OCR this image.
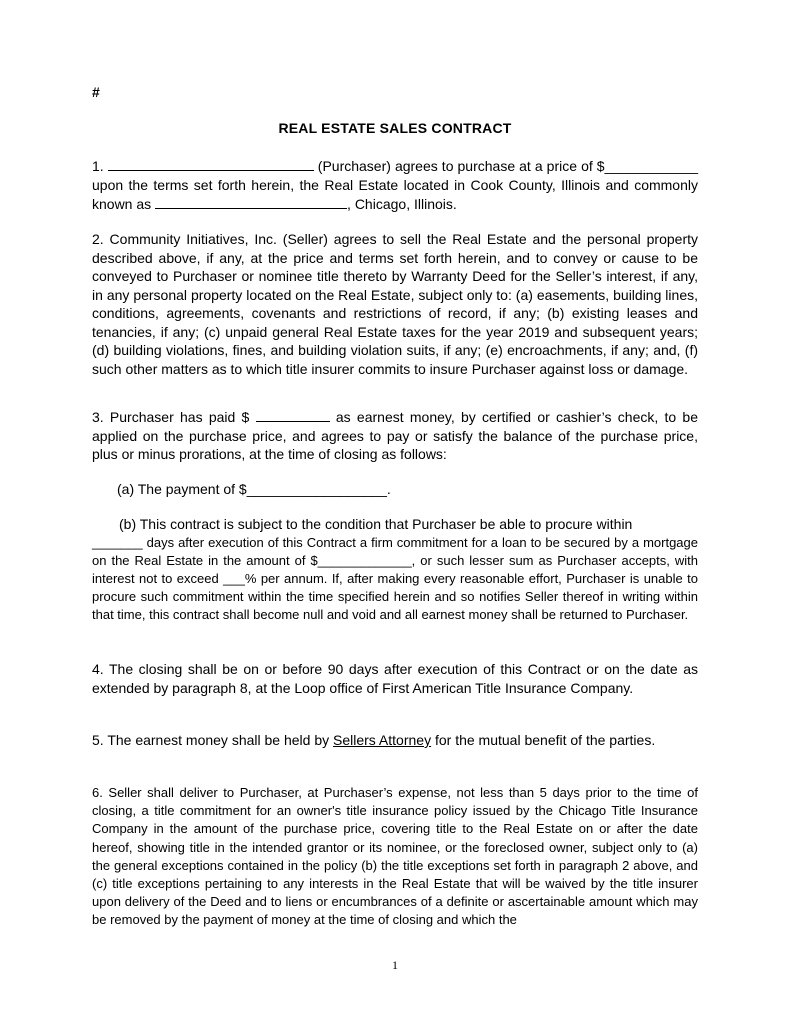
#
REAL ESTATE SALES CONTRACT
1.	(Purchaser) agrees to purchase at a price of $____________ upon the terms set forth herein, the Real Estate located in Cook County, Illinois and commonly known as	, Chicago, Illinois.
2. Community Initiatives, Inc. (Seller) agrees to sell the Real Estate and the personal property described above, if any, at the price and terms set forth herein, and to convey or cause to be conveyed to Purchaser or nominee title thereto by Warranty Deed for the Seller’s interest, if any, in any personal property located on the Real Estate, subject only to: (a) easements, building lines, conditions, agreements, covenants and restrictions of record, if any; (b) existing leases and tenancies, if any; (c) unpaid general Real Estate taxes for the year 2019 and subsequent years; (d) building violations, fines, and building violation suits, if any; (e) encroachments, if any; and, (f) such other matters as to which title insurer commits to insure Purchaser against loss or damage.
3. Purchaser has paid $	as earnest money, by certified or cashier’s check, to be applied on the purchase price, and agrees to pay or satisfy the balance of the purchase price, plus or minus prorations, at the time of closing as follows:
(a) The payment of $__________________.
(b) This contract is subject to the condition that Purchaser be able to procure within
_______ days after execution of this Contract a firm commitment for a loan to be secured by a mortgage on the Real Estate in the amount of $_____________, or such lesser sum as Purchaser accepts, with interest not to exceed ___% per annum. If, after making every reasonable effort, Purchaser is unable to procure such commitment within the time specified herein and so notifies Seller thereof in writing within that time, this contract shall become null and void and all earnest money shall be returned to Purchaser.
4. The closing shall be on or before 90 days after execution of this Contract or on the date as extended by paragraph 8, at the Loop office of First American Title Insurance Company.
5. The earnest money shall be held by Sellers Attorney for the mutual benefit of the parties.
6. Seller shall deliver to Purchaser, at Purchaser’s expense, not less than 5 days prior to the time of closing, a title commitment for an owner's title insurance policy issued by the Chicago Title Insurance Company in the amount of the purchase price, covering title to the Real Estate on or after the date hereof, showing title in the intended grantor or its nominee, or the foreclosed owner, subject only to (a) the general exceptions contained in the policy (b) the title exceptions set forth in paragraph 2 above, and (c) title exceptions pertaining to any interests in the Real Estate that will be waived by the title insurer upon delivery of the Deed and to liens or encumbrances of a definite or ascertainable amount which may be removed by the payment of money at the time of closing and which the
1
